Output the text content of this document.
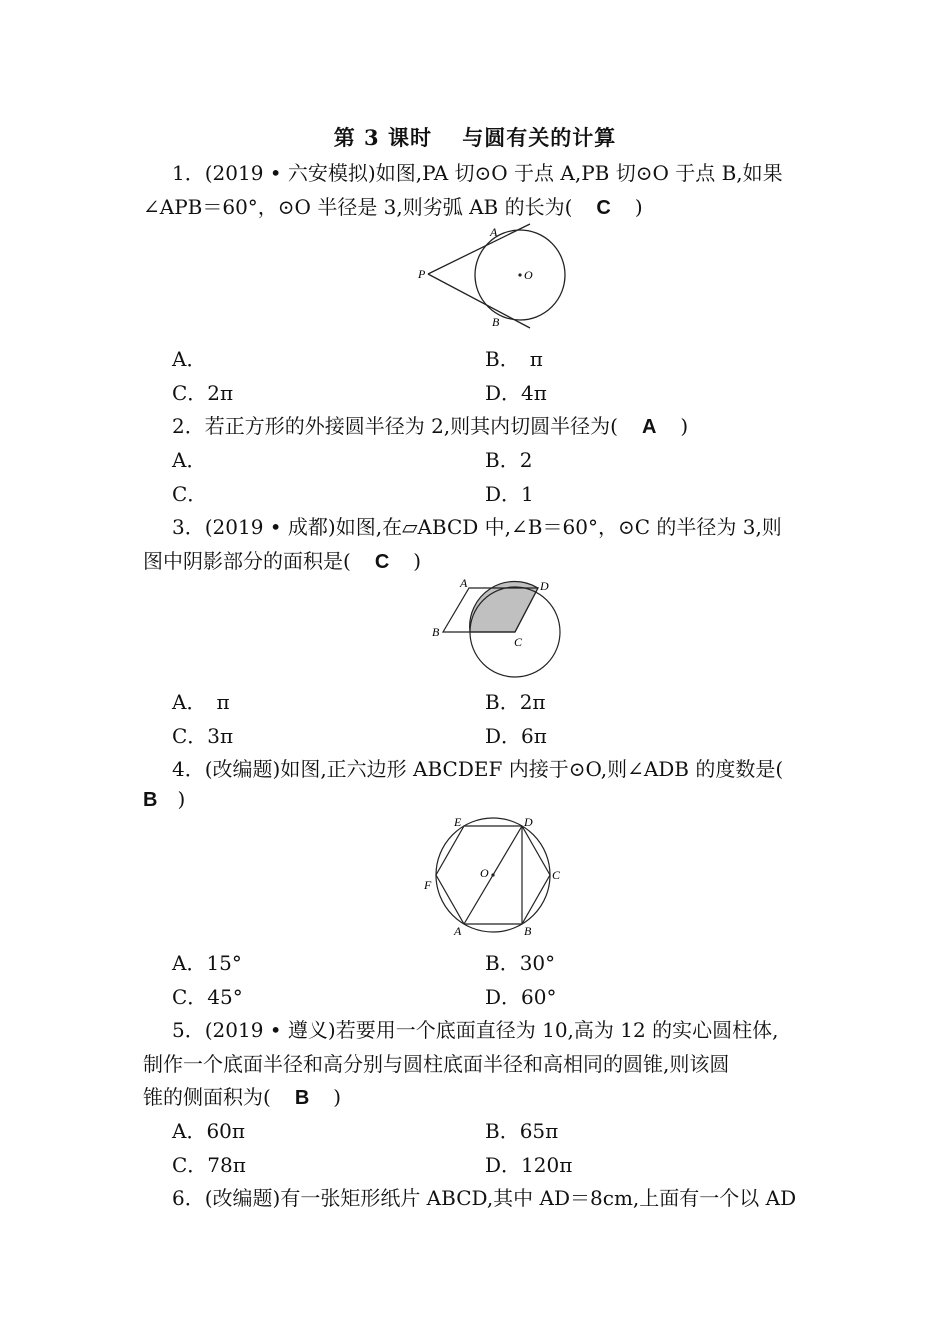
第 3 课时　 与圆有关的计算
1．(2019 • 六安模拟)如图,PA 切⊙O 于点 A,PB 切⊙O 于点 B,如果
∠APB＝60°，⊙O 半径是 3,则劣弧 AB 的长为( C )
P
A
B
O
A．	B．　π
C．2π	D．4π
2．若正方形的外接圆半径为 2,则其内切圆半径为( A )
A．	B．2
C．	D．1
3．(2019 • 成都)如图,在▱ABCD 中,∠B＝60°，⊙C 的半径为 3,则
图中阴影部分的面积是( C )
A	D
B
C
A．　π	B．2π
C．3π	D．6π
4．(改编题)如图,正六边形 ABCDEF 内接于⊙O,则∠ADB 的度数是(
B )
E	D
C
F
A	B
O
A．15°	B．30°
C．45°	D．60°
5．(2019 • 遵义)若要用一个底面直径为 10,高为 12 的实心圆柱体,
制作一个底面半径和高分别与圆柱底面半径和高相同的圆锥,则该圆
锥的侧面积为( B )
A．60π	B．65π
C．78π	D．120π
6．(改编题)有一张矩形纸片 ABCD,其中 AD＝8cm,上面有一个以 AD
